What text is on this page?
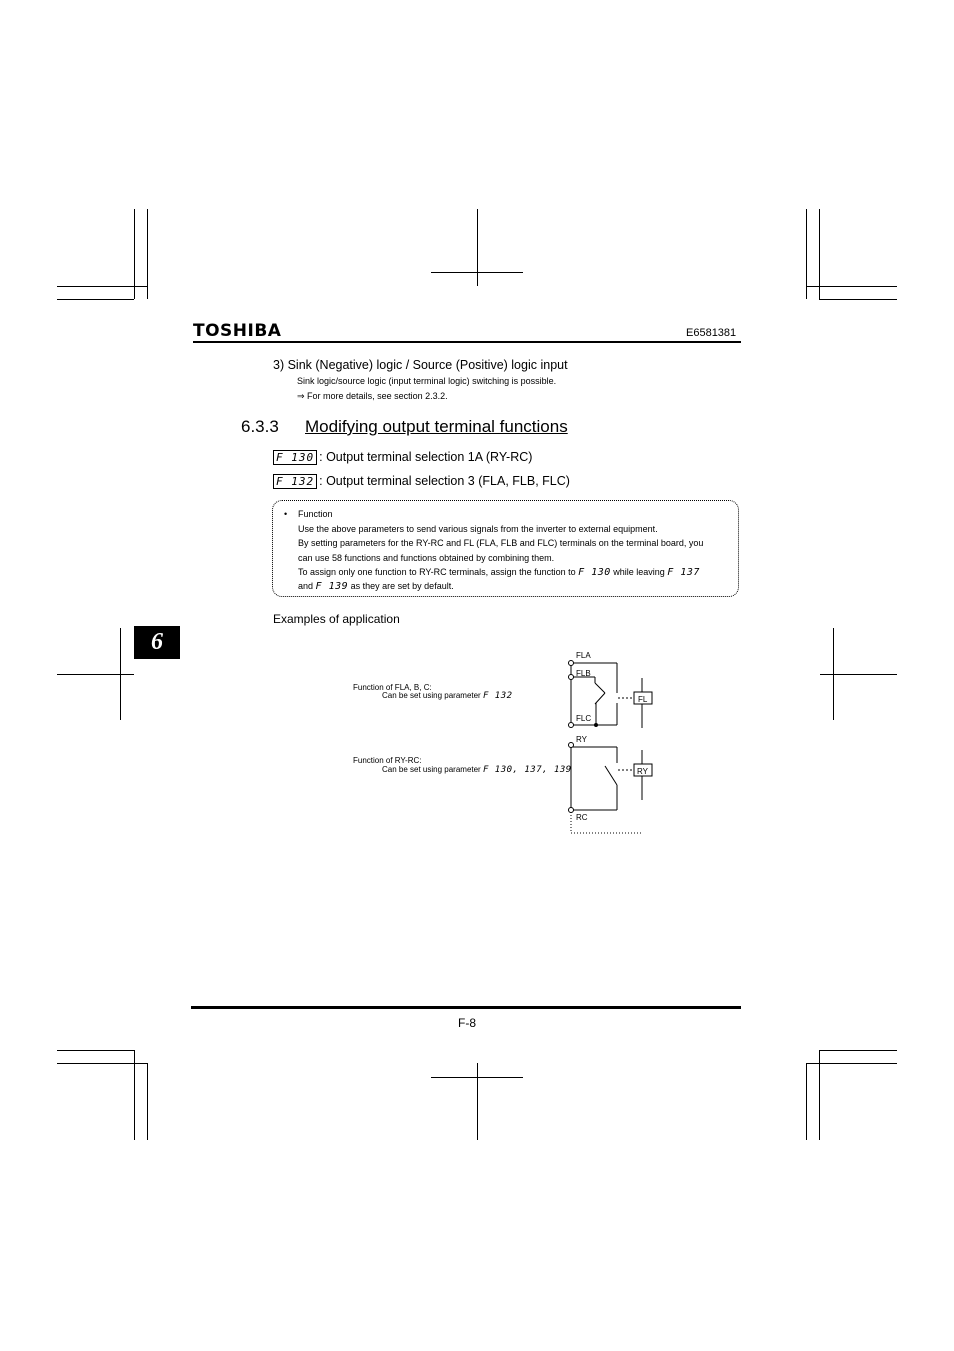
TOSHIBA	E6581381
3) Sink (Negative) logic / Source (Positive) logic input
Sink logic/source logic (input terminal logic) switching is possible.
⇒ For more details, see section 2.3.2.
6.3.3 Modifying output terminal functions
F 130 : Output terminal selection 1A (RY-RC)
F 132 : Output terminal selection 3 (FLA, FLB, FLC)
• Function
Use the above parameters to send various signals from the inverter to external equipment.
By setting parameters for the RY-RC and FL (FLA, FLB and FLC) terminals on the terminal board, you
can use 58 functions and functions obtained by combining them.
To assign only one function to RY-RC terminals, assign the function to F 130 while leaving F 137
and F 139 as they are set by default.
6
Examples of application
Function of FLA, B, C:
Can be set using parameter F 132
Function of RY-RC:
Can be set using parameter F 130, 137, 139
FLA
FLB
FLC
RY
RC
FL
RY
F-8
